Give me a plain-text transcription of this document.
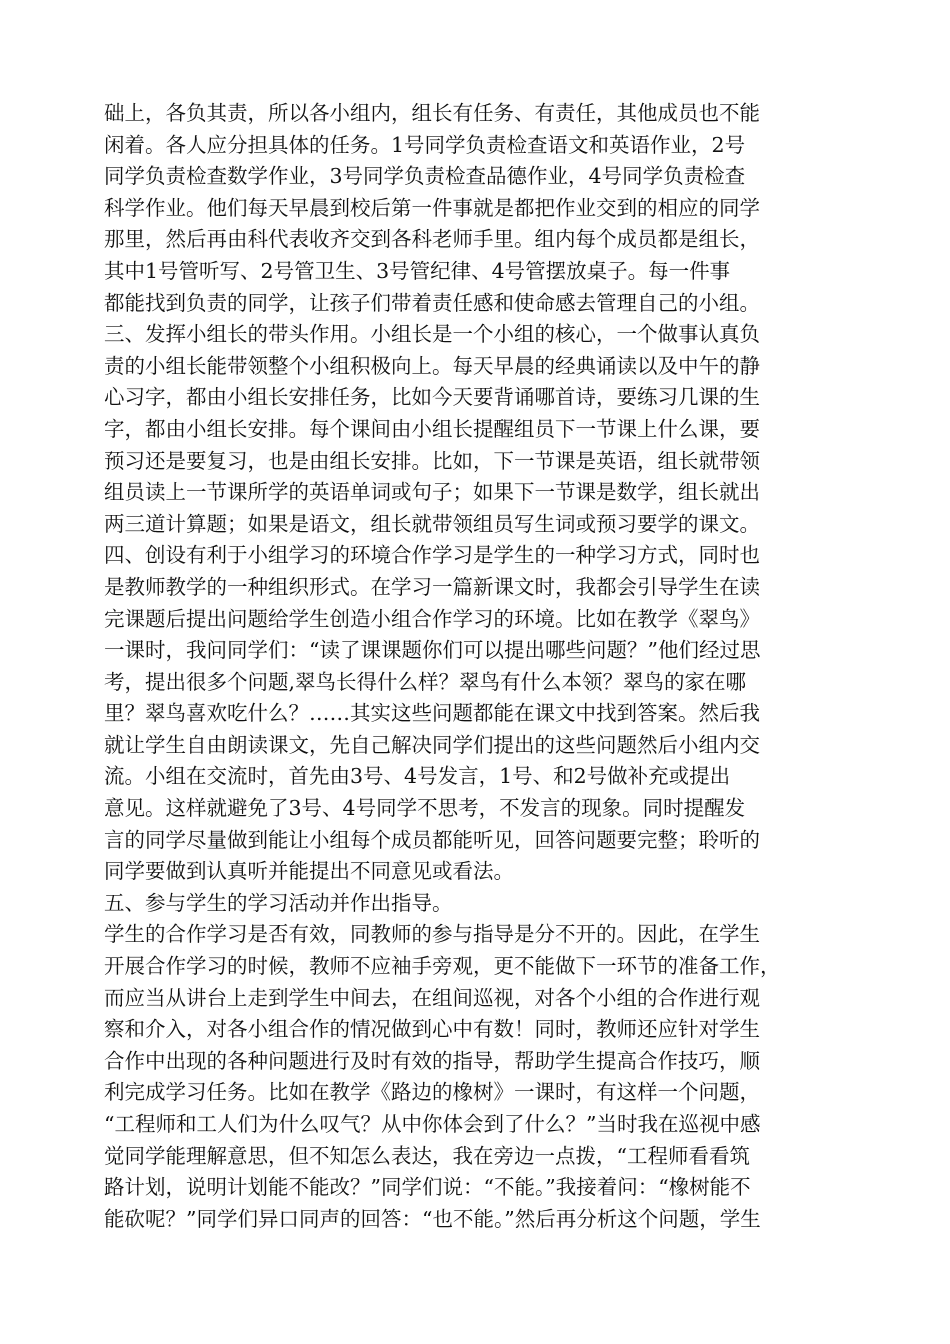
础上，各负其责，所以各小组内，组长有任务、有责任，其他成员也不能
闲着。各人应分担具体的任务。1号同学负责检查语文和英语作业，2号
同学负责检查数学作业，3号同学负责检查品德作业，4号同学负责检查
科学作业。他们每天早晨到校后第一件事就是都把作业交到的相应的同学
那里，然后再由科代表收齐交到各科老师手里。组内每个成员都是组长，
其中1号管听写、2号管卫生、3号管纪律、4号管摆放桌子。每一件事
都能找到负责的同学，让孩子们带着责任感和使命感去管理自己的小组。
三、发挥小组长的带头作用。小组长是一个小组的核心，一个做事认真负
责的小组长能带领整个小组积极向上。每天早晨的经典诵读以及中午的静
心习字，都由小组长安排任务，比如今天要背诵哪首诗，要练习几课的生
字，都由小组长安排。每个课间由小组长提醒组员下一节课上什么课，要
预习还是要复习，也是由组长安排。比如，下一节课是英语，组长就带领
组员读上一节课所学的英语单词或句子；如果下一节课是数学，组长就出
两三道计算题；如果是语文，组长就带领组员写生词或预习要学的课文。
四、创设有利于小组学习的环境合作学习是学生的一种学习方式，同时也
是教师教学的一种组织形式。在学习一篇新课文时，我都会引导学生在读
完课题后提出问题给学生创造小组合作学习的环境。比如在教学《翠鸟》
一课时，我问同学们：“读了课课题你们可以提出哪些问题？”他们经过思
考，提出很多个问题,翠鸟长得什么样？翠鸟有什么本领？翠鸟的家在哪
里？翠鸟喜欢吃什么？……其实这些问题都能在课文中找到答案。然后我
就让学生自由朗读课文，先自己解决同学们提出的这些问题然后小组内交
流。小组在交流时，首先由3号、4号发言，1号、和2号做补充或提出
意见。这样就避免了3号、4号同学不思考，不发言的现象。同时提醒发
言的同学尽量做到能让小组每个成员都能听见，回答问题要完整；聆听的
同学要做到认真听并能提出不同意见或看法。
五、参与学生的学习活动并作出指导。
学生的合作学习是否有效，同教师的参与指导是分不开的。因此，在学生
开展合作学习的时候，教师不应袖手旁观，更不能做下一环节的准备工作，
而应当从讲台上走到学生中间去，在组间巡视，对各个小组的合作进行观
察和介入，对各小组合作的情况做到心中有数！同时，教师还应针对学生
合作中出现的各种问题进行及时有效的指导，帮助学生提高合作技巧，顺
利完成学习任务。比如在教学《路边的橡树》一课时，有这样一个问题，
“工程师和工人们为什么叹气？从中你体会到了什么？”当时我在巡视中感
觉同学能理解意思，但不知怎么表达，我在旁边一点拨，“工程师看看筑
路计划，说明计划能不能改？”同学们说：“不能。”我接着问：“橡树能不
能砍呢？”同学们异口同声的回答：“也不能。”然后再分析这个问题，学生
